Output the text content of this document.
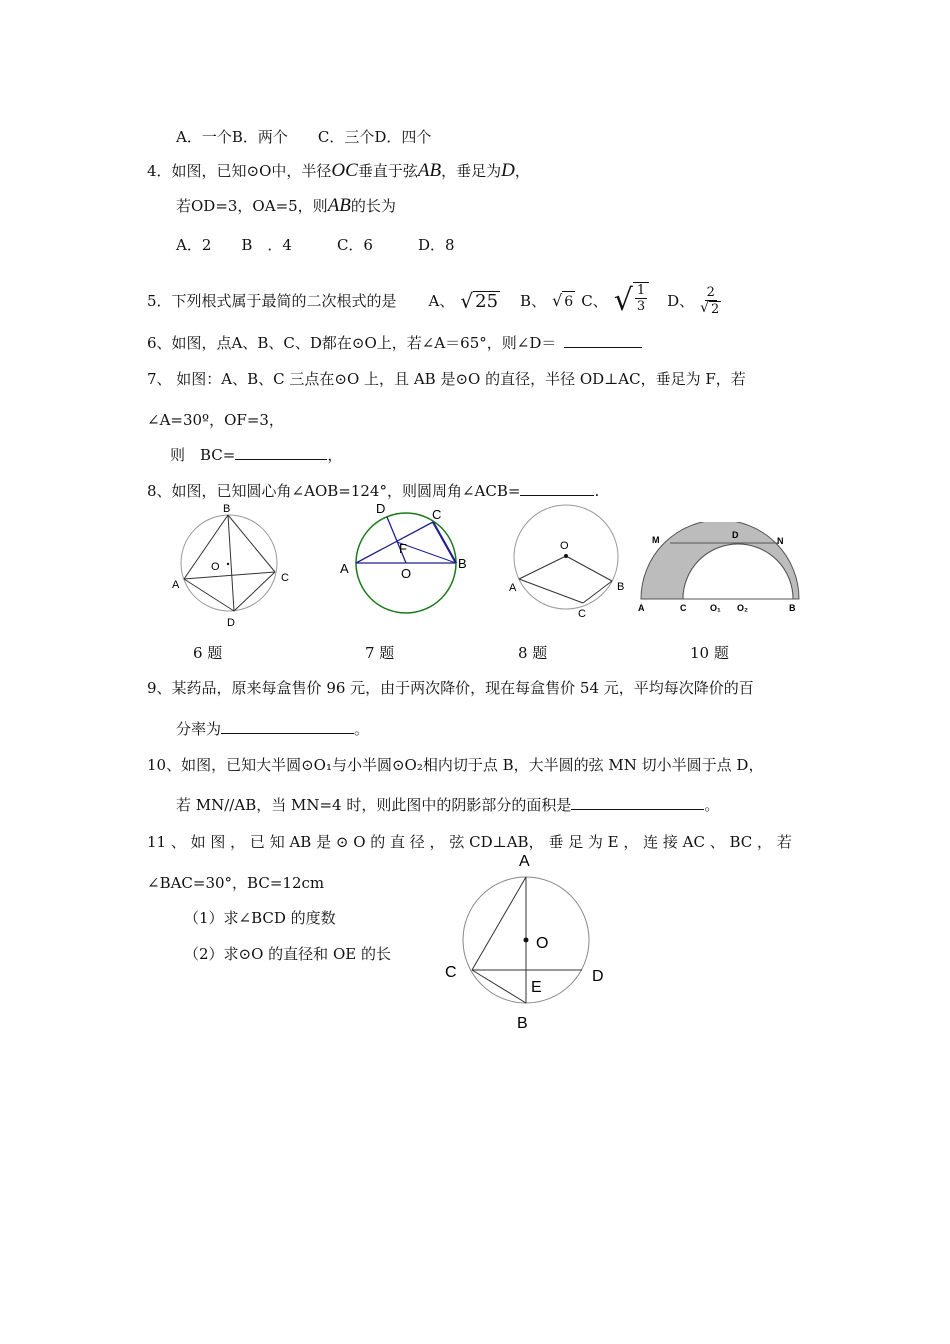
A．一个B．两个　　C．三个D．四个
4．如图，已知⊙O中，半径OC垂直于弦AB，垂足为D，
若OD=3，OA=5，则AB的长为
A．2　　B　．4　　　C．6　　　D．8
5．下列根式属于最简的二次根式的是 A、 √ 25 B、 √ 6 C、 √ $\frac{1}{3}$ D、 $\frac{2}{√ 2}$
6、如图，点A、B、C、D都在⊙O上，若∠A＝65°，则∠D＝
7、 如图：A、B、C 三点在⊙O 上，且 AB 是⊙O 的直径，半径 OD⊥AC，垂足为 F，若
∠A=30º，OF=3，
则　BC=	，
8、如图，已知圆心角∠AOB=124°，则圆周角∠ACB=	.
B
O
A
C
D
D	C
F
A	O
B
O
A	B
C
M	D
N
A	C	O₁ O₂	B
6 题	7 题	8 题	10 题
9、某药品，原来每盒售价 96 元，由于两次降价，现在每盒售价 54 元，平均每次降价的百
分率为	。
10、如图，已知大半圆⊙O₁与小半圆⊙O₂相内切于点 B，大半圆的弦 MN 切小半圆于点 D，
若 MN//AB，当 MN=4 时，则此图中的阴影部分的面积是	。
11 、 如 图 ， 已 知 AB 是 ⊙ O 的 直 径 ， 弦 CD⊥AB， 垂 足 为 E ， 连 接 AC 、 BC ， 若
∠BAC=30°，BC=12cm
（1）求∠BCD 的度数
（2）求⊙O 的直径和 OE 的长
A
O
C	D
E
B
